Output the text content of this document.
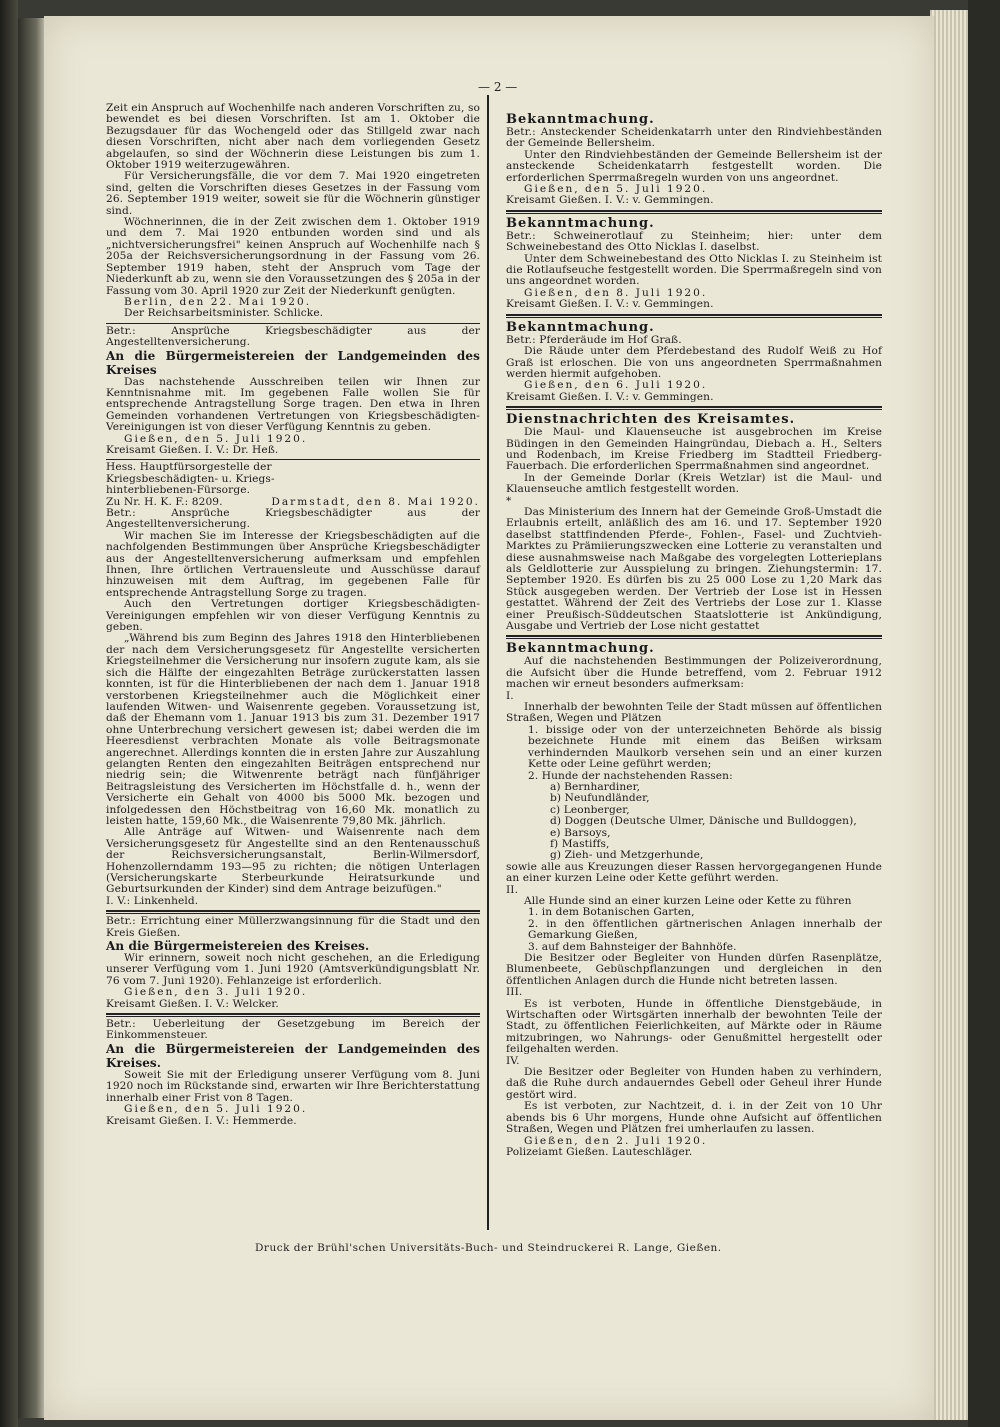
— 2 —

Zeit ein Anspruch auf Wochenhilfe nach anderen Vorschriften zu, so bewendet es bei diesen Vorschriften. Ist am 1. Oktober die Bezugsdauer für das Wochengeld oder das Stillgeld zwar nach diesen Vorschriften, nicht aber nach dem vorliegenden Gesetz abgelaufen, so sind der Wöchnerin diese Leistungen bis zum 1. Oktober 1919 weiterzugewähren.

Für Versicherungsfälle, die vor dem 7. Mai 1920 eingetreten sind, gelten die Vorschriften dieses Gesetzes in der Fassung vom 26. September 1919 weiter, soweit sie für die Wöchnerin günstiger sind.

Wöchnerinnen, die in der Zeit zwischen dem 1. Oktober 1919 und dem 7. Mai 1920 entbunden worden sind und als „nichtversicherungsfrei" keinen Anspruch auf Wochenhilfe nach § 205a der Reichsversicherungsordnung in der Fassung vom 26. September 1919 haben, steht der Anspruch vom Tage der Niederkunft ab zu, wenn sie den Voraussetzungen des § 205a in der Fassung vom 30. April 1920 zur Zeit der Niederkunft genügten.

Berlin, den 22. Mai 1920.

Der Reichsarbeitsminister. Schlicke.

Betr.: Ansprüche Kriegsbeschädigter aus der Angestelltenversicherung.

An die Bürgermeistereien der Landgemeinden des Kreises

Das nachstehende Ausschreiben teilen wir Ihnen zur Kenntnisnahme mit. Im gegebenen Falle wollen Sie für entsprechende Antragstellung Sorge tragen. Den etwa in Ihren Gemeinden vorhandenen Vertretungen von Kriegsbeschädigten-Vereinigungen ist von dieser Verfügung Kenntnis zu geben.

Gießen, den 5. Juli 1920.

Kreisamt Gießen. I. V.: Dr. Heß.

Hess. Hauptfürsorgestelle der

Kriegsbeschädigten- u. Kriegs-

hinterbliebenen-Fürsorge.

Zu Nr. H. K. F.: 8209.	Darmstadt, den 8. Mai 1920.

Betr.: Ansprüche Kriegsbeschädigter aus der Angestelltenversicherung.

Wir machen Sie im Interesse der Kriegsbeschädigten auf die nachfolgenden Bestimmungen über Ansprüche Kriegsbeschädigter aus der Angestelltenversicherung aufmerksam und empfehlen Ihnen, Ihre örtlichen Vertrauensleute und Ausschüsse darauf hinzuweisen mit dem Auftrag, im gegebenen Falle für entsprechende Antragstellung Sorge zu tragen.

Auch den Vertretungen dortiger Kriegsbeschädigten-Vereinigungen empfehlen wir von dieser Verfügung Kenntnis zu geben.

„Während bis zum Beginn des Jahres 1918 den Hinterbliebenen der nach dem Versicherungsgesetz für Angestellte versicherten Kriegsteilnehmer die Versicherung nur insofern zugute kam, als sie sich die Hälfte der eingezahlten Beträge zurückerstatten lassen konnten, ist für die Hinterbliebenen der nach dem 1. Januar 1918 verstorbenen Kriegsteilnehmer auch die Möglichkeit einer laufenden Witwen- und Waisenrente gegeben. Voraussetzung ist, daß der Ehemann vom 1. Januar 1913 bis zum 31. Dezember 1917 ohne Unterbrechung versichert gewesen ist; dabei werden die im Heeresdienst verbrachten Monate als volle Beitragsmonate angerechnet. Allerdings konnten die in ersten Jahre zur Auszahlung gelangten Renten den eingezahlten Beiträgen entsprechend nur niedrig sein; die Witwenrente beträgt nach fünfjähriger Beitragsleistung des Versicherten im Höchstfalle d. h., wenn der Versicherte ein Gehalt von 4000 bis 5000 Mk. bezogen und infolgedessen den Höchstbeitrag von 16,60 Mk. monatlich zu leisten hatte, 159,60 Mk., die Waisenrente 79,80 Mk. jährlich.

Alle Anträge auf Witwen- und Waisenrente nach dem Versicherungsgesetz für Angestellte sind an den Rentenausschuß der Reichsversicherungsanstalt, Berlin-Wilmersdorf, Hohenzollerndamm 193—95 zu richten; die nötigen Unterlagen (Versicherungskarte Sterbeurkunde Heiratsurkunde und Geburtsurkunden der Kinder) sind dem Antrage beizufügen."

I. V.: Linkenheld.

Betr.: Errichtung einer Müllerzwangsinnung für die Stadt und den Kreis Gießen.

An die Bürgermeistereien des Kreises.

Wir erinnern, soweit noch nicht geschehen, an die Erledigung unserer Verfügung vom 1. Juni 1920 (Amtsverkündigungsblatt Nr. 76 vom 7. Juni 1920). Fehlanzeige ist erforderlich.

Gießen, den 3. Juli 1920.

Kreisamt Gießen. I. V.: Welcker.

Betr.: Ueberleitung der Gesetzgebung im Bereich der Einkommensteuer.

An die Bürgermeistereien der Landgemeinden des Kreises.

Soweit Sie mit der Erledigung unserer Verfügung vom 8. Juni 1920 noch im Rückstande sind, erwarten wir Ihre Berichterstattung innerhalb einer Frist von 8 Tagen.

Gießen, den 5. Juli 1920.

Kreisamt Gießen. I. V.: Hemmerde.

Bekanntmachung.

Betr.: Ansteckender Scheidenkatarrh unter den Rindviehbeständen der Gemeinde Bellersheim.

Unter den Rindviehbeständen der Gemeinde Bellersheim ist der ansteckende Scheidenkatarrh festgestellt worden. Die erforderlichen Sperrmaßregeln wurden von uns angeordnet.

Gießen, den 5. Juli 1920.

Kreisamt Gießen. I. V.: v. Gemmingen.

Bekanntmachung.

Betr.: Schweinerotlauf zu Steinheim; hier: unter dem Schweinebestand des Otto Nicklas I. daselbst.

Unter dem Schweinebestand des Otto Nicklas I. zu Steinheim ist die Rotlaufseuche festgestellt worden. Die Sperrmaßregeln sind von uns angeordnet worden.

Gießen, den 8. Juli 1920.

Kreisamt Gießen. I. V.: v. Gemmingen.

Bekanntmachung.

Betr.: Pferderäude im Hof Graß.

Die Räude unter dem Pferdebestand des Rudolf Weiß zu Hof Graß ist erloschen. Die von uns angeordneten Sperrmaßnahmen werden hiermit aufgehoben.

Gießen, den 6. Juli 1920.

Kreisamt Gießen. I. V.: v. Gemmingen.

Dienstnachrichten des Kreisamtes.

Die Maul- und Klauenseuche ist ausgebrochen im Kreise Büdingen in den Gemeinden Haingründau, Diebach a. H., Selters und Rodenbach, im Kreise Friedberg im Stadtteil Friedberg-Fauerbach. Die erforderlichen Sperrmaßnahmen sind angeordnet.

In der Gemeinde Dorlar (Kreis Wetzlar) ist die Maul- und Klauenseuche amtlich festgestellt worden.

*

Das Ministerium des Innern hat der Gemeinde Groß-Umstadt die Erlaubnis erteilt, anläßlich des am 16. und 17. September 1920 daselbst stattfindenden Pferde-, Fohlen-, Fasel- und Zuchtvieh-Marktes zu Prämiierungszwecken eine Lotterie zu veranstalten und diese ausnahmsweise nach Maßgabe des vorgelegten Lotterieplans als Geldlotterie zur Ausspielung zu bringen. Ziehungstermin: 17. September 1920. Es dürfen bis zu 25 000 Lose zu 1,20 Mark das Stück ausgegeben werden. Der Vertrieb der Lose ist in Hessen gestattet. Während der Zeit des Vertriebs der Lose zur 1. Klasse einer Preußisch-Süddeutschen Staatslotterie ist Ankündigung, Ausgabe und Vertrieb der Lose nicht gestattet

Bekanntmachung.

Auf die nachstehenden Bestimmungen der Polizeiverordnung, die Aufsicht über die Hunde betreffend, vom 2. Februar 1912 machen wir erneut besonders aufmerksam:

I.

Innerhalb der bewohnten Teile der Stadt müssen auf öffentlichen Straßen, Wegen und Plätzen

1. bissige oder von der unterzeichneten Behörde als bissig bezeichnete Hunde mit einem das Beißen wirksam verhindernden Maulkorb versehen sein und an einer kurzen Kette oder Leine geführt werden;

2. Hunde der nachstehenden Rassen:

a) Bernhardiner,

b) Neufundländer,

c) Leonberger,

d) Doggen (Deutsche Ulmer, Dänische und Bulldoggen),

e) Barsoys,

f) Mastiffs,

g) Zieh- und Metzgerhunde,

sowie alle aus Kreuzungen dieser Rassen hervorgegangenen Hunde an einer kurzen Leine oder Kette geführt werden.

II.

Alle Hunde sind an einer kurzen Leine oder Kette zu führen

1. in dem Botanischen Garten,

2. in den öffentlichen gärtnerischen Anlagen innerhalb der Gemarkung Gießen,

3. auf dem Bahnsteiger der Bahnhöfe.

Die Besitzer oder Begleiter von Hunden dürfen Rasenplätze, Blumenbeete, Gebüschpflanzungen und dergleichen in den öffentlichen Anlagen durch die Hunde nicht betreten lassen.

III.

Es ist verboten, Hunde in öffentliche Dienstgebäude, in Wirtschaften oder Wirtsgärten innerhalb der bewohnten Teile der Stadt, zu öffentlichen Feierlichkeiten, auf Märkte oder in Räume mitzubringen, wo Nahrungs- oder Genußmittel hergestellt oder feilgehalten werden.

IV.

Die Besitzer oder Begleiter von Hunden haben zu verhindern, daß die Ruhe durch andauerndes Gebell oder Geheul ihrer Hunde gestört wird.

Es ist verboten, zur Nachtzeit, d. i. in der Zeit von 10 Uhr abends bis 6 Uhr morgens, Hunde ohne Aufsicht auf öffentlichen Straßen, Wegen und Plätzen frei umherlaufen zu lassen.

Gießen, den 2. Juli 1920.

Polizeiamt Gießen. Lauteschläger.

Druck der Brühl'schen Universitäts-Buch- und Steindruckerei R. Lange, Gießen.
